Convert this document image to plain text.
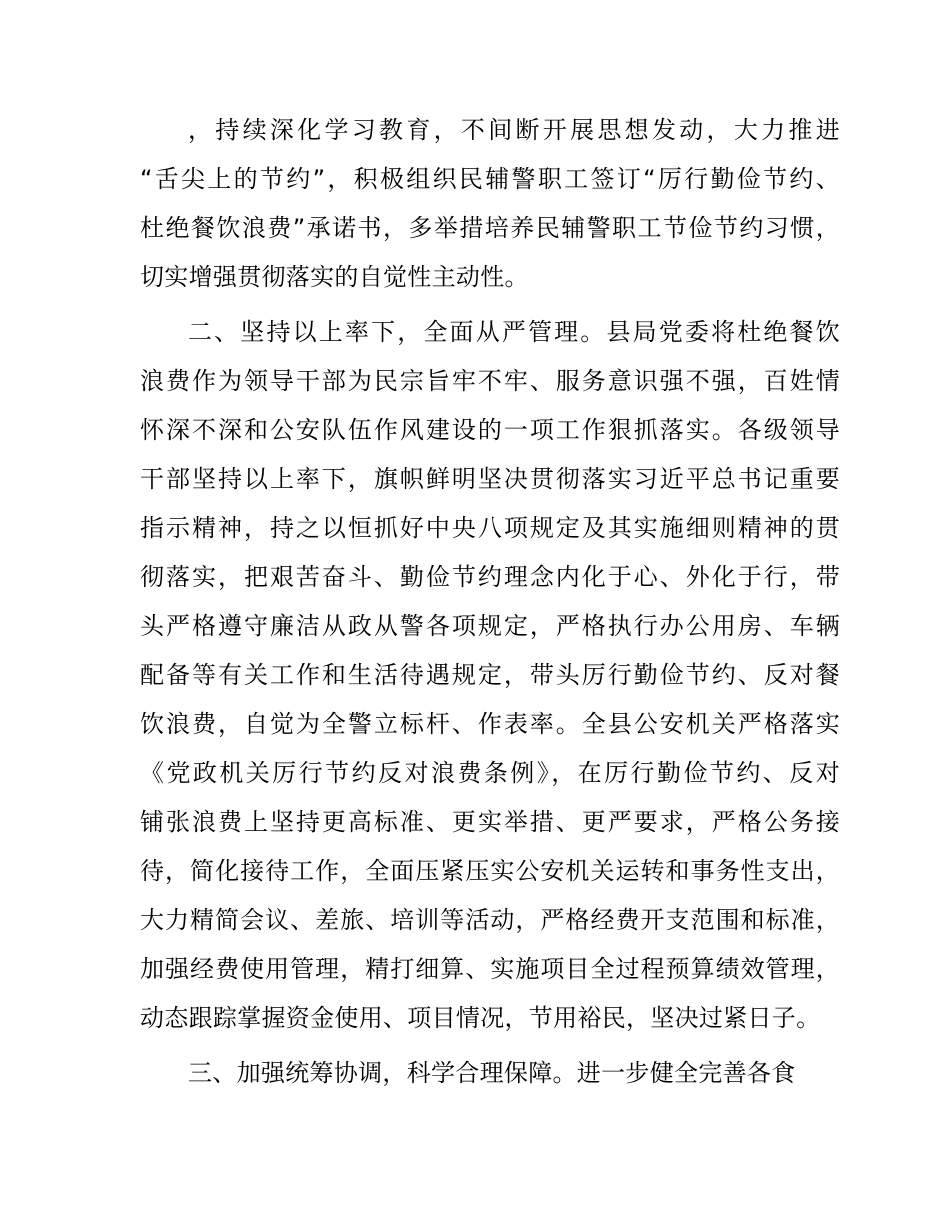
，持续深化学习教育，不间断开展思想发动，大力推进
“舌尖上的节约”，积极组织民辅警职工签订“厉行勤俭节约、
杜绝餐饮浪费”承诺书，多举措培养民辅警职工节俭节约习惯，
切实增强贯彻落实的自觉性主动性。

二、坚持以上率下，全面从严管理。县局党委将杜绝餐饮
浪费作为领导干部为民宗旨牢不牢、服务意识强不强，百姓情
怀深不深和公安队伍作风建设的一项工作狠抓落实。各级领导
干部坚持以上率下，旗帜鲜明坚决贯彻落实习近平总书记重要
指示精神，持之以恒抓好中央八项规定及其实施细则精神的贯
彻落实，把艰苦奋斗、勤俭节约理念内化于心、外化于行，带
头严格遵守廉洁从政从警各项规定，严格执行办公用房、车辆
配备等有关工作和生活待遇规定，带头厉行勤俭节约、反对餐
饮浪费，自觉为全警立标杆、作表率。全县公安机关严格落实
《党政机关厉行节约反对浪费条例》，在厉行勤俭节约、反对
铺张浪费上坚持更高标准、更实举措、更严要求，严格公务接
待，简化接待工作，全面压紧压实公安机关运转和事务性支出，
大力精简会议、差旅、培训等活动，严格经费开支范围和标准，
加强经费使用管理，精打细算、实施项目全过程预算绩效管理，
动态跟踪掌握资金使用、项目情况，节用裕民，坚决过紧日子。

三、加强统筹协调，科学合理保障。进一步健全完善各食
